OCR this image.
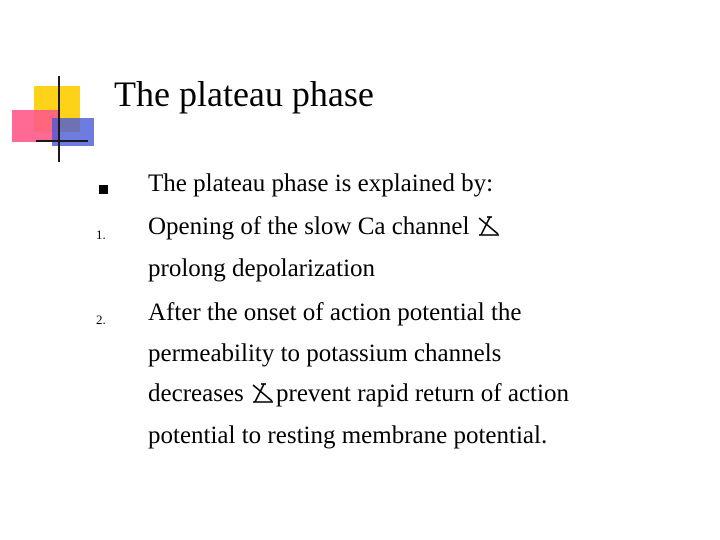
The plateau phase
1.
2.
The plateau phase is explained by:
Opening of the slow Ca channel
prolong depolarization
After the onset of action potential the
permeability to potassium channels
decreases
prevent rapid return of action
potential to resting membrane potential.
